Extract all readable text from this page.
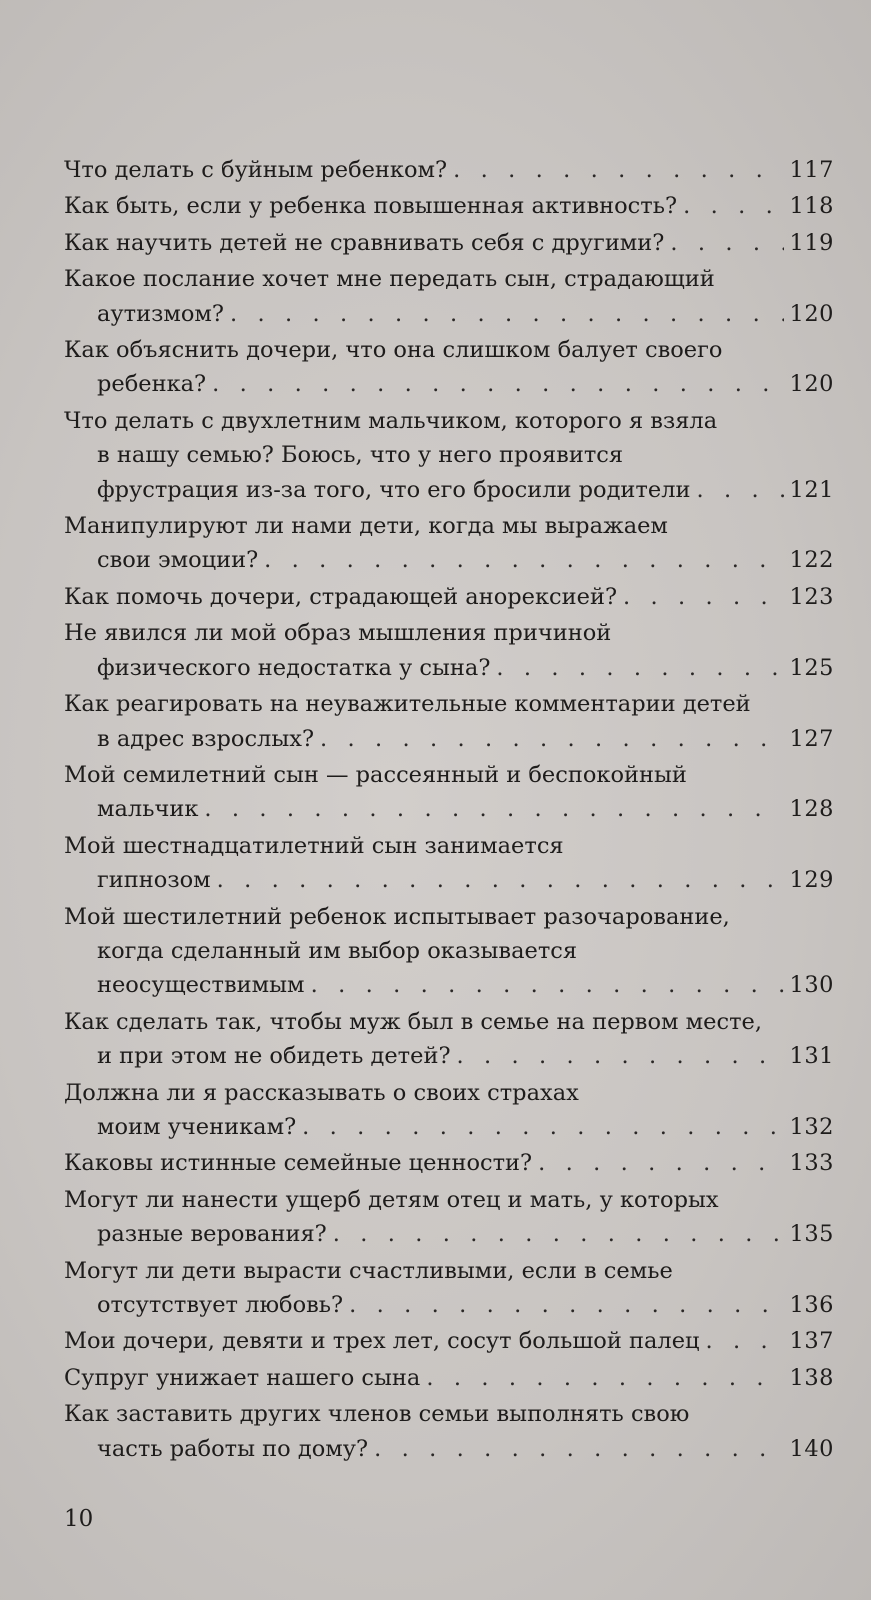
Что делать с буйным ребенком? . . .	117
Как быть, если у ребенка повышенная активность? . . .	118
Как научить детей не сравнивать себя с другими? . . .	119
Какое послание хочет мне передать сын, страдающий
аутизмом? . . .	120
Как объяснить дочери, что она слишком балует своего
ребенка? . . .	120
Что делать с двухлетним мальчиком, которого я взяла
в нашу семью? Боюсь, что у него проявится
фрустрация из-за того, что его бросили родители . . .	121
Манипулируют ли нами дети, когда мы выражаем
свои эмоции? . . .	122
Как помочь дочери, страдающей анорексией? . . .	123
Не явился ли мой образ мышления причиной
физического недостатка у сына? . . .	125
Как реагировать на неуважительные комментарии детей
в адрес взрослых? . . .	127
Мой семилетний сын — рассеянный и беспокойный
мальчик . . .	128
Мой шестнадцатилетний сын занимается
гипнозом . . .	129
Мой шестилетний ребенок испытывает разочарование,
когда сделанный им выбор оказывается
неосуществимым . . .	130
Как сделать так, чтобы муж был в семье на первом месте,
и при этом не обидеть детей? . . .	131
Должна ли я рассказывать о своих страхах
моим ученикам? . . .	132
Каковы истинные семейные ценности? . . .	133
Могут ли нанести ущерб детям отец и мать, у которых
разные верования? . . .	135
Могут ли дети вырасти счастливыми, если в семье
отсутствует любовь? . . .	136
Мои дочери, девяти и трех лет, сосут большой палец . . .	137
Супруг унижает нашего сына . . .	138
Как заставить других членов семьи выполнять свою
часть работы по дому? . . .	140
10
